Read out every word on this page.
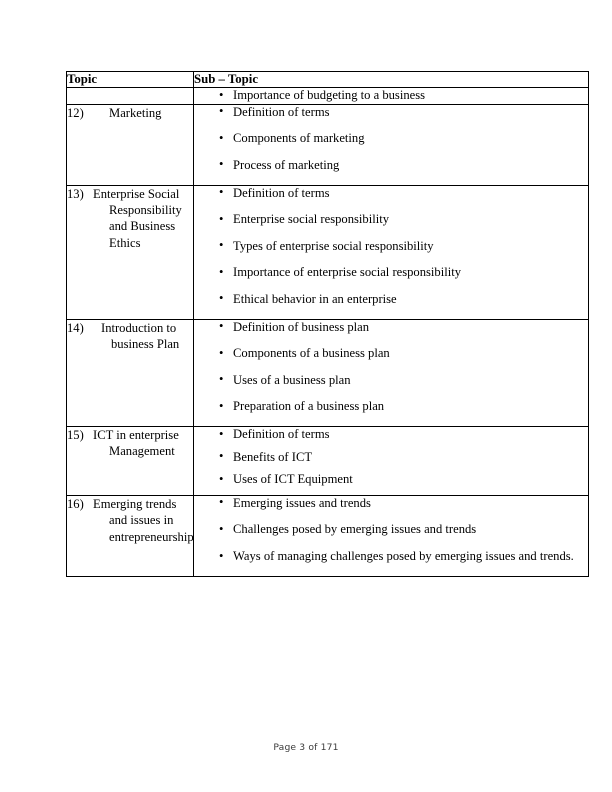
Topic	Sub – Topic

• Importance of budgeting to a business

12)	Marketing

•Definition of terms
• Components of marketing
• Process of marketing

13) Enterprise Social Responsibility and Business Ethics

• Definition of terms
• Enterprise social responsibility
• Types of enterprise social responsibility
• Importance of enterprise social responsibility
• Ethical behavior in an enterprise

14)	Introduction to business Plan

• Definition of business plan
• Components of a business plan
• Uses of a business plan
• Preparation of a business plan

15) ICT in enterprise Management

• Definition of terms
• Benefits of ICT
• Uses of ICT Equipment

16) Emerging trends and issues in entrepreneurship

• Emerging issues and trends
• Challenges posed by emerging issues and trends
• Ways of managing challenges posed by emerging issues and trends.
Page 3 of 171
